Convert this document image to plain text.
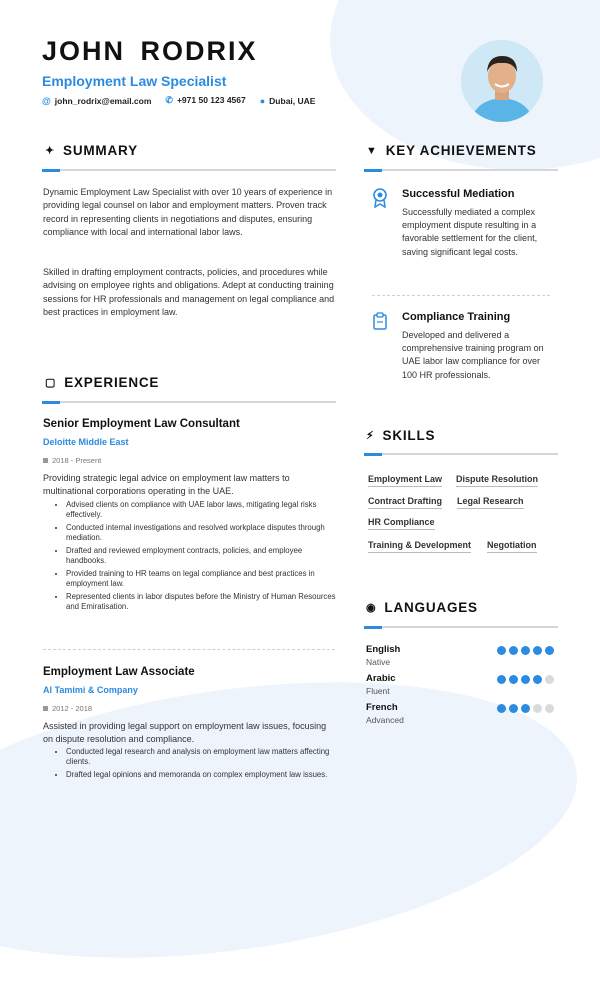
JOHN RODRIX
Employment Law Specialist
@ john_rodrix@email.com ✆ +971 50 123 4567 ● Dubai, UAE
✦ SUMMARY
Dynamic Employment Law Specialist with over 10 years of experience in providing legal counsel on labor and employment matters. Proven track record in representing clients in negotiations and disputes, ensuring compliance with local and international labor laws.
Skilled in drafting employment contracts, policies, and procedures while advising on employee rights and obligations. Adept at conducting training sessions for HR professionals and management on legal compliance and best practices in employment law.
▢ EXPERIENCE
Senior Employment Law Consultant
Deloitte Middle East
2018 - Present
Providing strategic legal advice on employment law matters to multinational corporations operating in the UAE.
• Advised clients on compliance with UAE labor laws, mitigating legal risks effectively.
• Conducted internal investigations and resolved workplace disputes through mediation.
• Drafted and reviewed employment contracts, policies, and employee handbooks.
• Provided training to HR teams on legal compliance and best practices in employment law.
• Represented clients in labor disputes before the Ministry of Human Resources and Emiratisation.
Employment Law Associate
Al Tamimi & Company
2012 - 2018
Assisted in providing legal support on employment law issues, focusing on dispute resolution and compliance.
• Conducted legal research and analysis on employment law matters affecting clients.
• Drafted legal opinions and memoranda on complex employment law issues.
▼ KEY ACHIEVEMENTS
Successful Mediation
Successfully mediated a complex employment dispute resulting in a favorable settlement for the client, saving significant legal costs.
Compliance Training
Developed and delivered a comprehensive training program on UAE labor law compliance for over 100 HR professionals.
⚡︎ SKILLS
Employment Law Dispute Resolution
Contract Drafting Legal Research
HR Compliance
Training & Development Negotiation
◉ LANGUAGES
English
Native
Arabic
Fluent
French
Advanced
